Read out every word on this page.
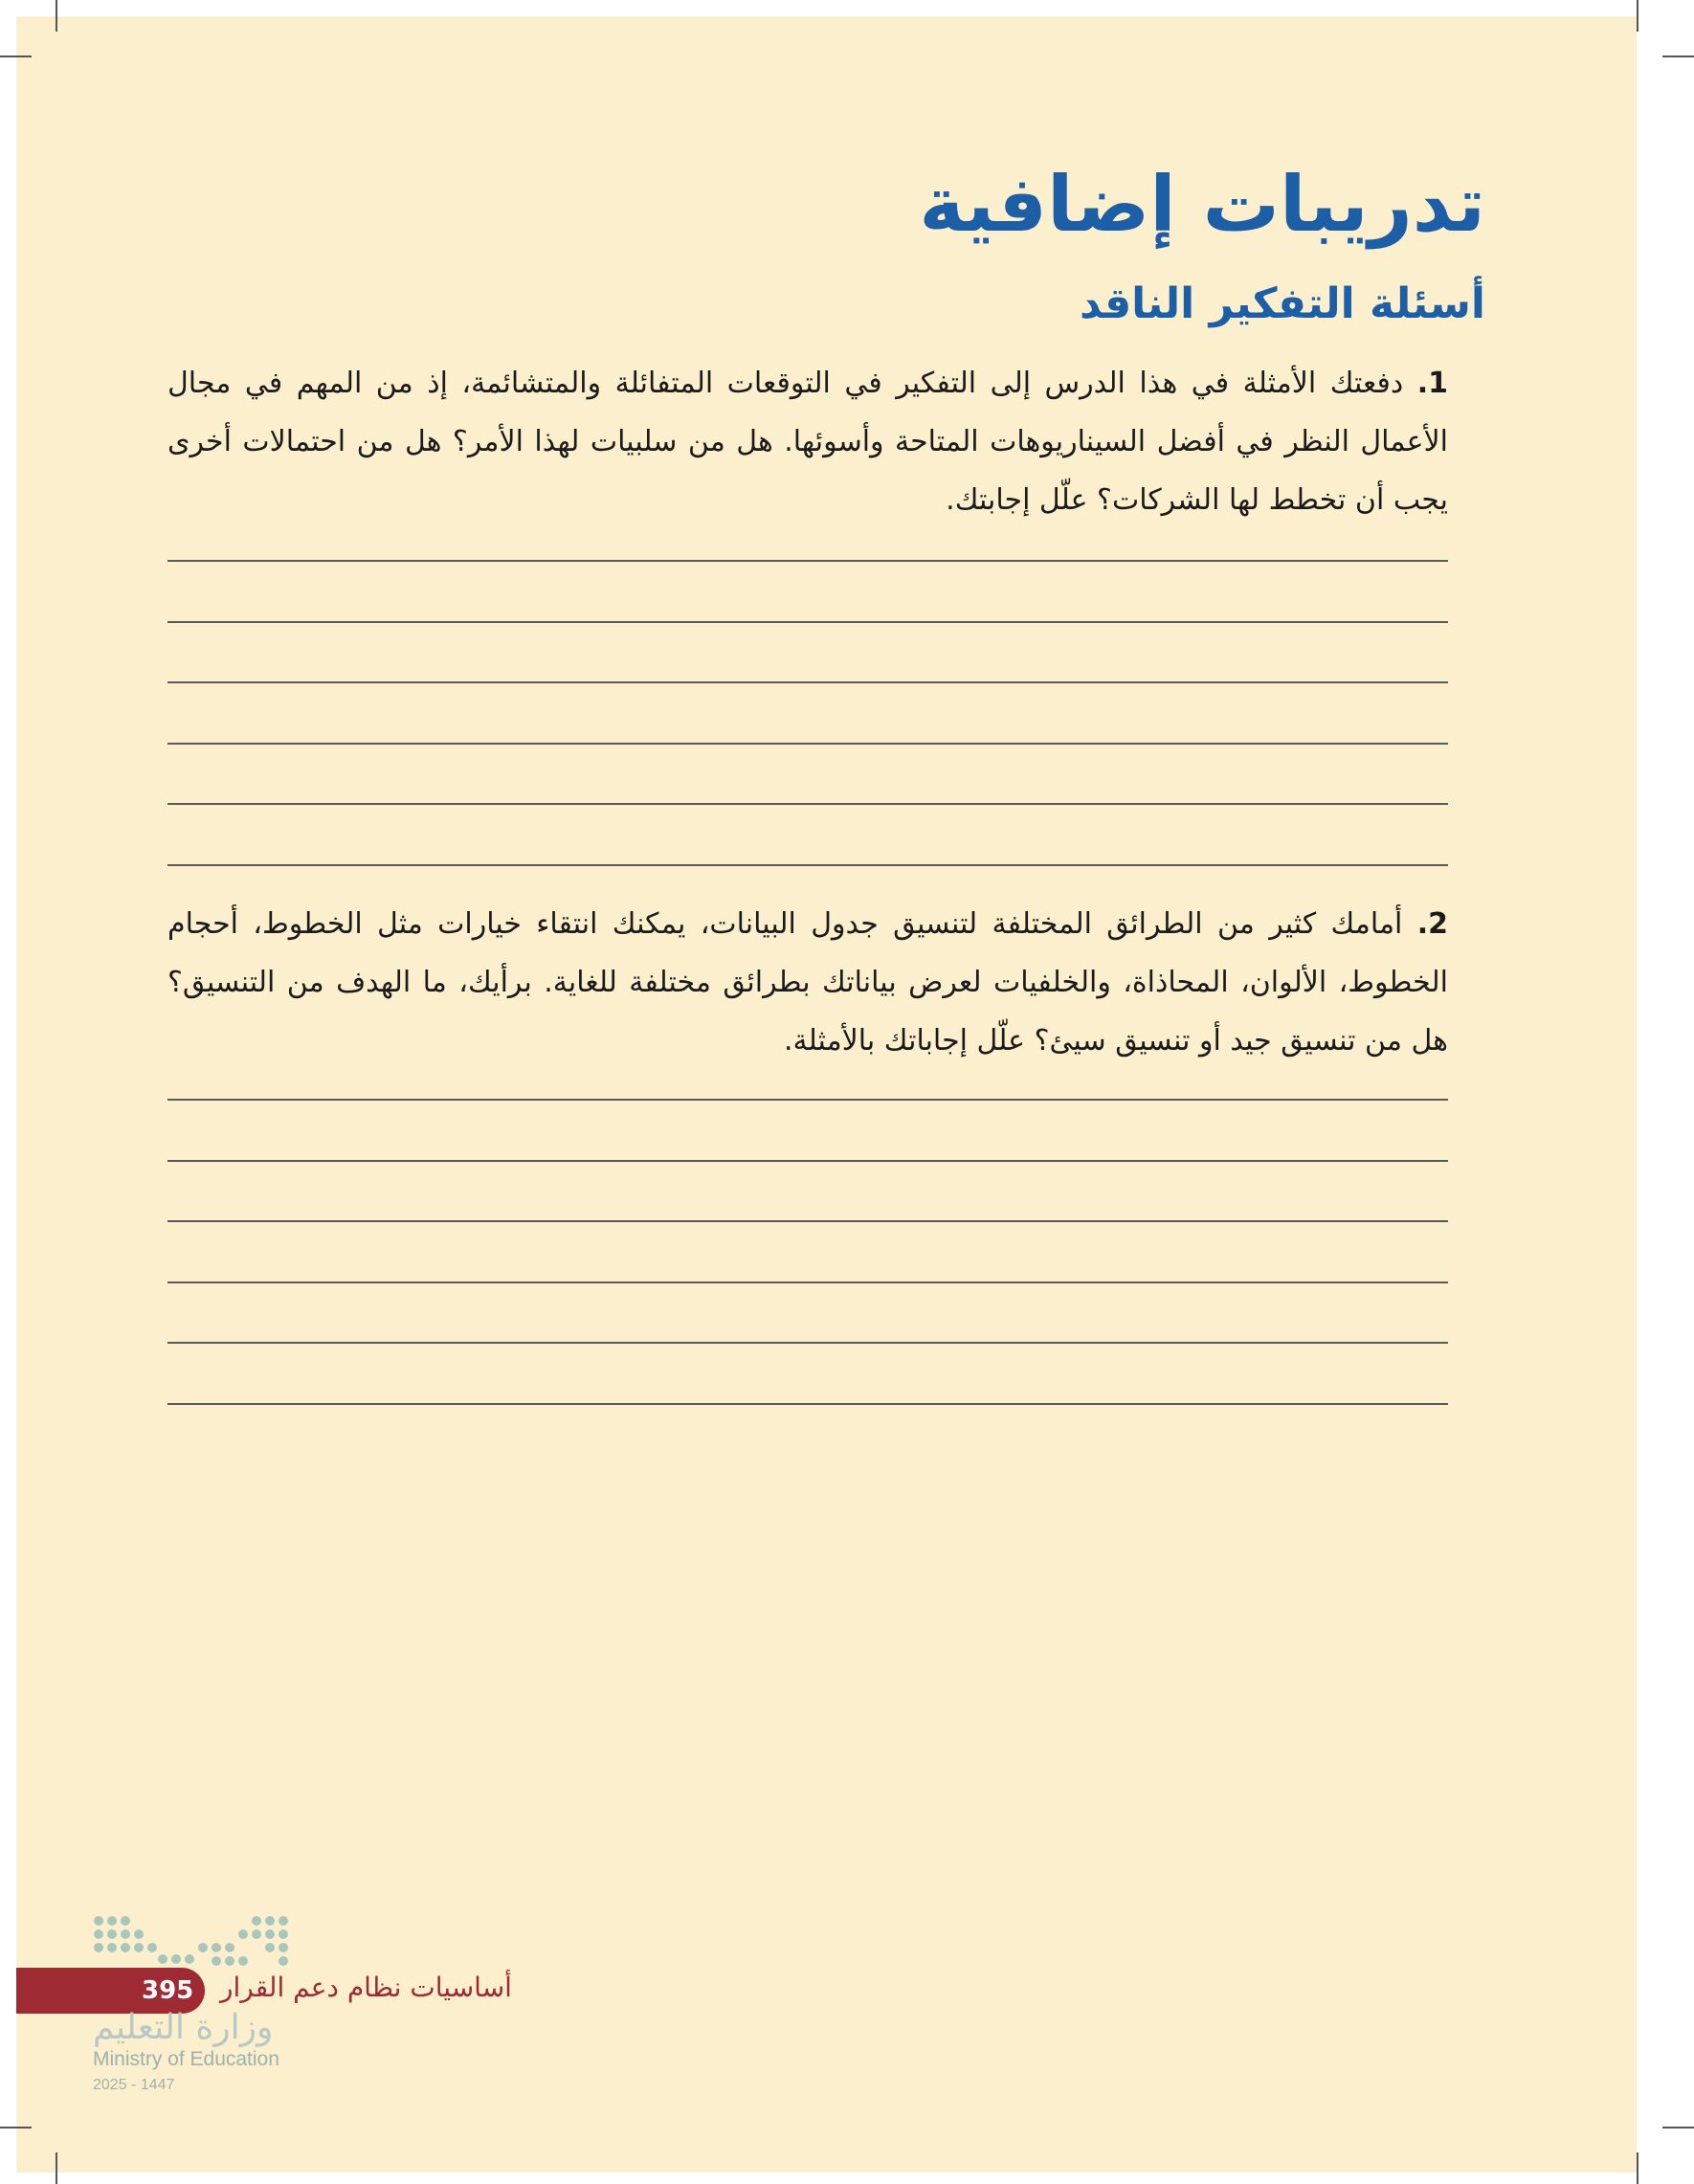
تدريبات إضافية
أسئلة التفكير الناقد
1. دفعتك الأمثلة في هذا الدرس إلى التفكير في التوقعات المتفائلة والمتشائمة، إذ من المهم في مجال الأعمال النظر في أفضل السيناريوهات المتاحة وأسوئها. هل من سلبيات لهذا الأمر؟ هل من احتمالات أخرى يجب أن تخطط لها الشركات؟ علّل إجابتك.
2. أمامك كثير من الطرائق المختلفة لتنسيق جدول البيانات، يمكنك انتقاء خيارات مثل الخطوط، أحجام الخطوط، الألوان، المحاذاة، والخلفيات لعرض بياناتك بطرائق مختلفة للغاية. برأيك، ما الهدف من التنسيق؟ هل من تنسيق جيد أو تنسيق سيئ؟ علّل إجاباتك بالأمثلة.
395 أساسيات نظام دعم القرار
وزارة التعليم
Ministry of Education
2025 - 1447
